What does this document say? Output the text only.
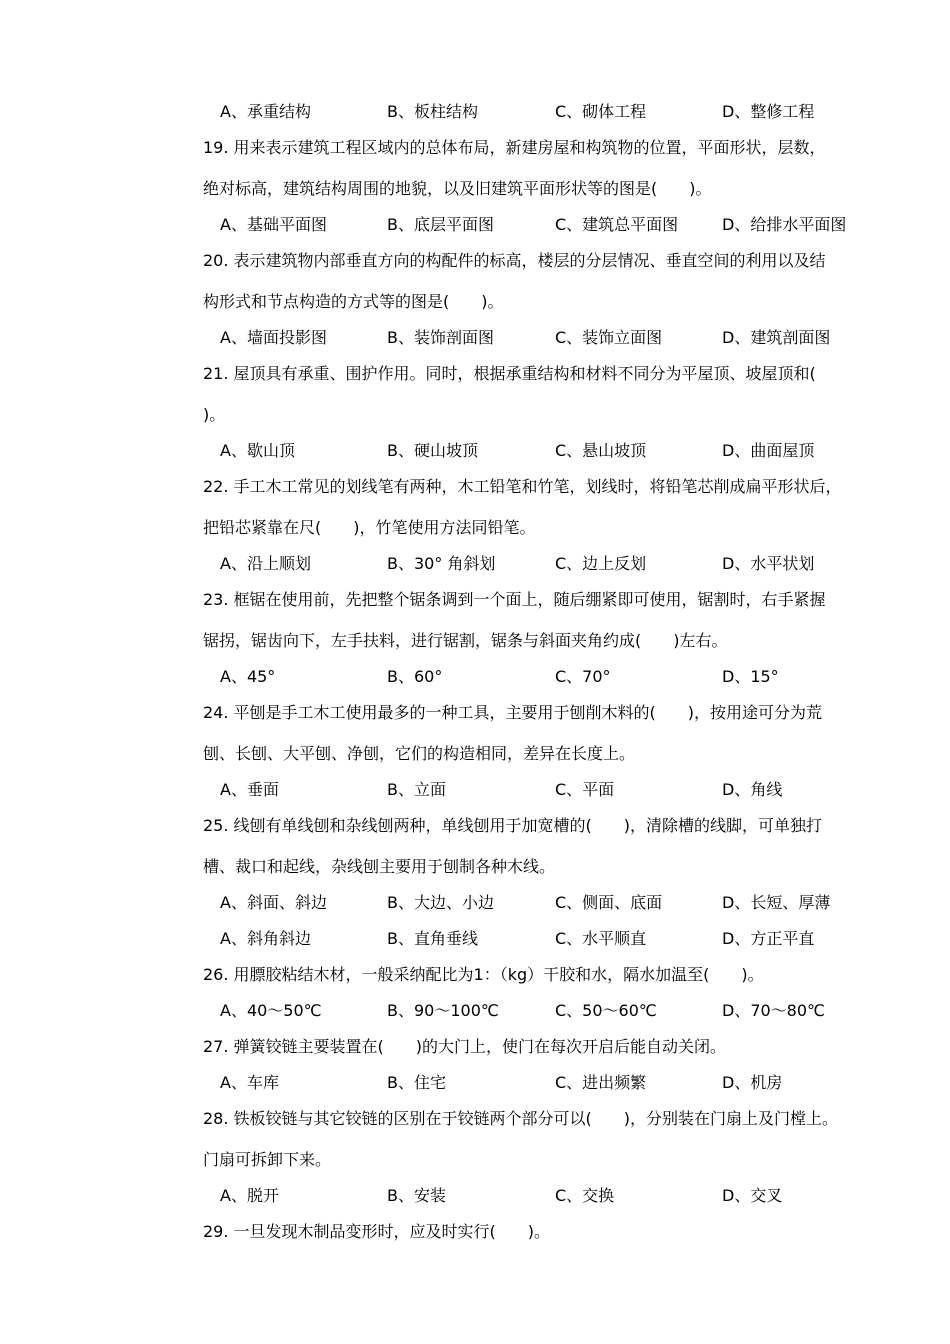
A、承重结构	B、板柱结构	C、砌体工程	D、整修工程
19. 用来表示建筑工程区域内的总体布局，新建房屋和构筑物的位置，平面形状，层数，
绝对标高，建筑结构周围的地貌，以及旧建筑平面形状等的图是(　　)。
A、基础平面图	B、底层平面图	C、建筑总平面图	D、给排水平面图
20. 表示建筑物内部垂直方向的构配件的标高，楼层的分层情况、垂直空间的利用以及结
构形式和节点构造的方式等的图是(　　)。
A、墙面投影图	B、装饰剖面图	C、装饰立面图	D、建筑剖面图
21. 屋顶具有承重、围护作用。同时，根据承重结构和材料不同分为平屋顶、坡屋顶和(
)。
A、歇山顶	B、硬山坡顶	C、悬山坡顶	D、曲面屋顶
22. 手工木工常见的划线笔有两种，木工铅笔和竹笔，划线时，将铅笔芯削成扁平形状后，
把铅芯紧靠在尺(　　)，竹笔使用方法同铅笔。
A、沿上顺划	B、30° 角斜划	C、边上反划	D、水平状划
23. 框锯在使用前，先把整个锯条调到一个面上，随后绷紧即可使用，锯割时，右手紧握
锯拐，锯齿向下，左手扶料，进行锯割，锯条与斜面夹角约成(　　)左右。
A、45°	B、60°	C、70°	D、15°
24. 平刨是手工木工使用最多的一种工具，主要用于刨削木料的(　　)，按用途可分为荒
刨、长刨、大平刨、净刨，它们的构造相同，差异在长度上。
A、垂面	B、立面	C、平面	D、角线
25. 线刨有单线刨和杂线刨两种，单线刨用于加宽槽的(　　)，清除槽的线脚，可单独打
槽、裁口和起线，杂线刨主要用于刨制各种木线。
A、斜面、斜边	B、大边、小边	C、侧面、底面	D、长短、厚薄
A、斜角斜边	B、直角垂线	C、水平顺直	D、方正平直
26. 用膘胶粘结木材，一般采纳配比为1：（kg）干胶和水，隔水加温至(　　)。
A、40～50℃	B、90～100℃	C、50～60℃	D、70～80℃
27. 弹簧铰链主要装置在(　　)的大门上，使门在每次开启后能自动关闭。
A、车库	B、住宅	C、进出频繁	D、机房
28. 铁板铰链与其它铰链的区别在于铰链两个部分可以(　　)，分别装在门扇上及门樘上。
门扇可拆卸下来。
A、脱开	B、安装	C、交换	D、交叉
29. 一旦发现木制品变形时，应及时实行(　　)。
